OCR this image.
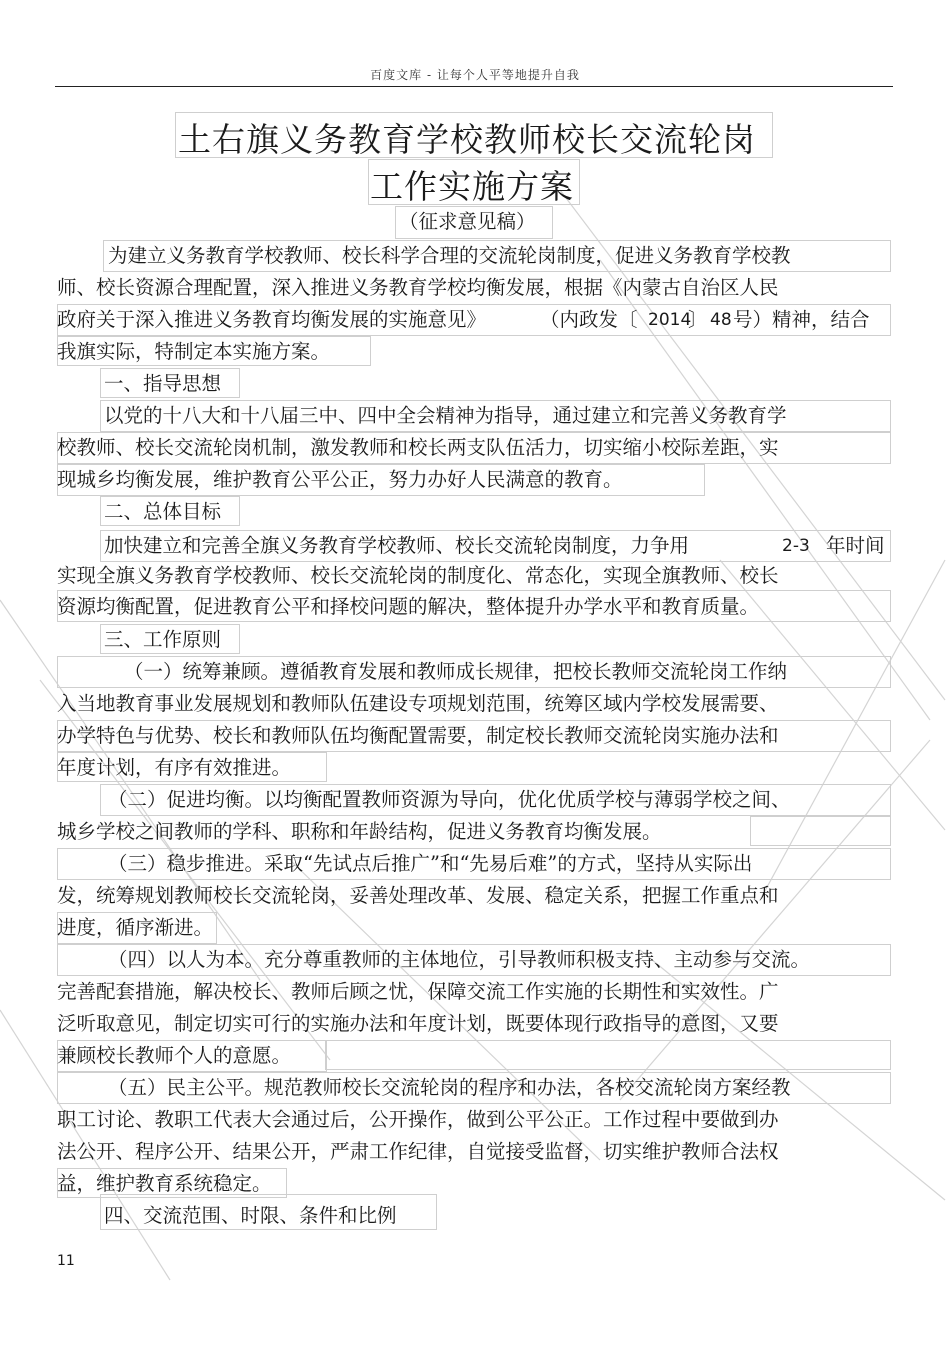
百度文库 - 让每个人平等地提升自我
土右旗义务教育学校教师校长交流轮岗
工作实施方案
（征求意见稿）
为建立义务教育学校教师、校长科学合理的交流轮岗制度，促进义务教育学校教
师、校长资源合理配置，深入推进义务教育学校均衡发展，根据《内蒙古自治区人民
政府关于深入推进义务教育均衡发展的实施意见》	（内政发〔 2014
〕 48 号）精神，结合
我旗实际，特制定本实施方案。
一、指导思想
以党的十八大和十八届三中、四中全会精神为指导，通过建立和完善义务教育学
校教师、校长交流轮岗机制，激发教师和校长两支队伍活力，切实缩小校际差距，实
现城乡均衡发展，维护教育公平公正，努力办好人民满意的教育。
二、总体目标
加快建立和完善全旗义务教育学校教师、校长交流轮岗制度，力争用	2-3 年时间
实现全旗义务教育学校教师、校长交流轮岗的制度化、常态化，实现全旗教师、校长
资源均衡配置，促进教育公平和择校问题的解决，整体提升办学水平和教育质量。
三、工作原则
（一）统筹兼顾。遵循教育发展和教师成长规律，把校长教师交流轮岗工作纳
入当地教育事业发展规划和教师队伍建设专项规划范围，统筹区域内学校发展需要、
办学特色与优势、校长和教师队伍均衡配置需要，制定校长教师交流轮岗实施办法和
年度计划，有序有效推进。
（二）促进均衡。以均衡配置教师资源为导向，优化优质学校与薄弱学校之间、
城乡学校之间教师的学科、职称和年龄结构，促进义务教育均衡发展。
（三）稳步推进。采取“先试点后推广”和“先易后难”的方式，坚持从实际出
发，统筹规划教师校长交流轮岗，妥善处理改革、发展、稳定关系，把握工作重点和
进度，循序渐进。
（四）以人为本。充分尊重教师的主体地位，引导教师积极支持、主动参与交流。
完善配套措施，解决校长、教师后顾之忧，保障交流工作实施的长期性和实效性。广
泛听取意见，制定切实可行的实施办法和年度计划，既要体现行政指导的意图，又要
兼顾校长教师个人的意愿。
（五）民主公平。规范教师校长交流轮岗的程序和办法，各校交流轮岗方案经教
职工讨论、教职工代表大会通过后，公开操作，做到公平公正。工作过程中要做到办
法公开、程序公开、结果公开，严肃工作纪律，自觉接受监督，切实维护教师合法权
益，维护教育系统稳定。
四、交流范围、时限、条件和比例
11
